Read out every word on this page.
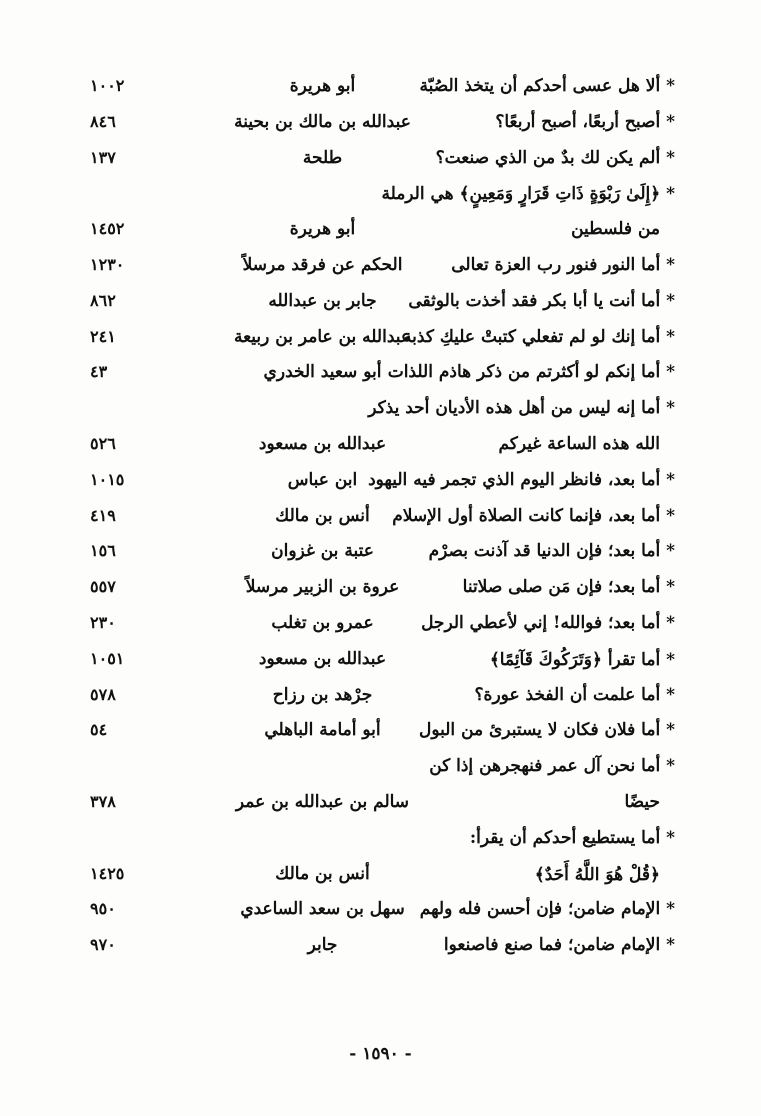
* ألا هل عسى أحدكم أن يتخذ الصُبّة
أبو هريرة
١٠٠٢
* أصبح أربعًا، أصبح أربعًا؟
عبدالله بن مالك بن بحينة
٨٤٦
* ألم يكن لك بدٌ من الذي صنعت؟
طلحة
١٣٧
* ﴿إِلَىٰ رَبْوَةٍ ذَاتِ قَرَارٍ وَمَعِينٍ﴾ هي الرملة
من فلسطين
أبو هريرة
١٤٥٢
* أما النور فنور رب العزة تعالى
الحكم عن فرقد مرسلاً
١٢٣٠
* أما أنت يا أبا بكر فقد أخذت بالوثقى
جابر بن عبدالله
٨٦٢
* أما إنك لو لم تفعلي كتبتْ عليكِ كذبة
عبدالله بن عامر بن ربيعة
٢٤١
* أما إنكم لو أكثرتم من ذكر هاذم اللذات
أبو سعيد الخدري
٤٣
* أما إنه ليس من أهل هذه الأديان أحد يذكر
الله هذه الساعة غيركم
عبدالله بن مسعود
٥٢٦
* أما بعد، فانظر اليوم الذي تجمر فيه اليهود
ابن عباس
١٠١٥
* أما بعد، فإنما كانت الصلاة أول الإسلام
أنس بن مالك
٤١٩
* أما بعد؛ فإن الدنيا قد آذنت بصرْم
عتبة بن غزوان
١٥٦
* أما بعد؛ فإن مَن صلى صلاتنا
عروة بن الزبير مرسلاً
٥٥٧
* أما بعد؛ فوالله! إني لأعطي الرجل
عمرو بن تغلب
٢٣٠
* أما تقرأ ﴿وَتَرَكُوكَ قَآئِمًا﴾
عبدالله بن مسعود
١٠٥١
* أما علمت أن الفخذ عورة؟
جرْهد بن رزاح
٥٧٨
* أما فلان فكان لا يستبرئ من البول
أبو أمامة الباهلي
٥٤
* أما نحن آل عمر فنهجرهن إذا كن
حيضًا
سالم بن عبدالله بن عمر
٣٧٨
* أما يستطيع أحدكم أن يقرأ:
﴿قُلْ هُوَ اللَّهُ أَحَدٌ﴾
أنس بن مالك
١٤٢٥
* الإمام ضامن؛ فإن أحسن فله ولهم
سهل بن سعد الساعدي
٩٥٠
* الإمام ضامن؛ فما صنع فاصنعوا
جابر
٩٧٠
- ١٥٩٠ -
